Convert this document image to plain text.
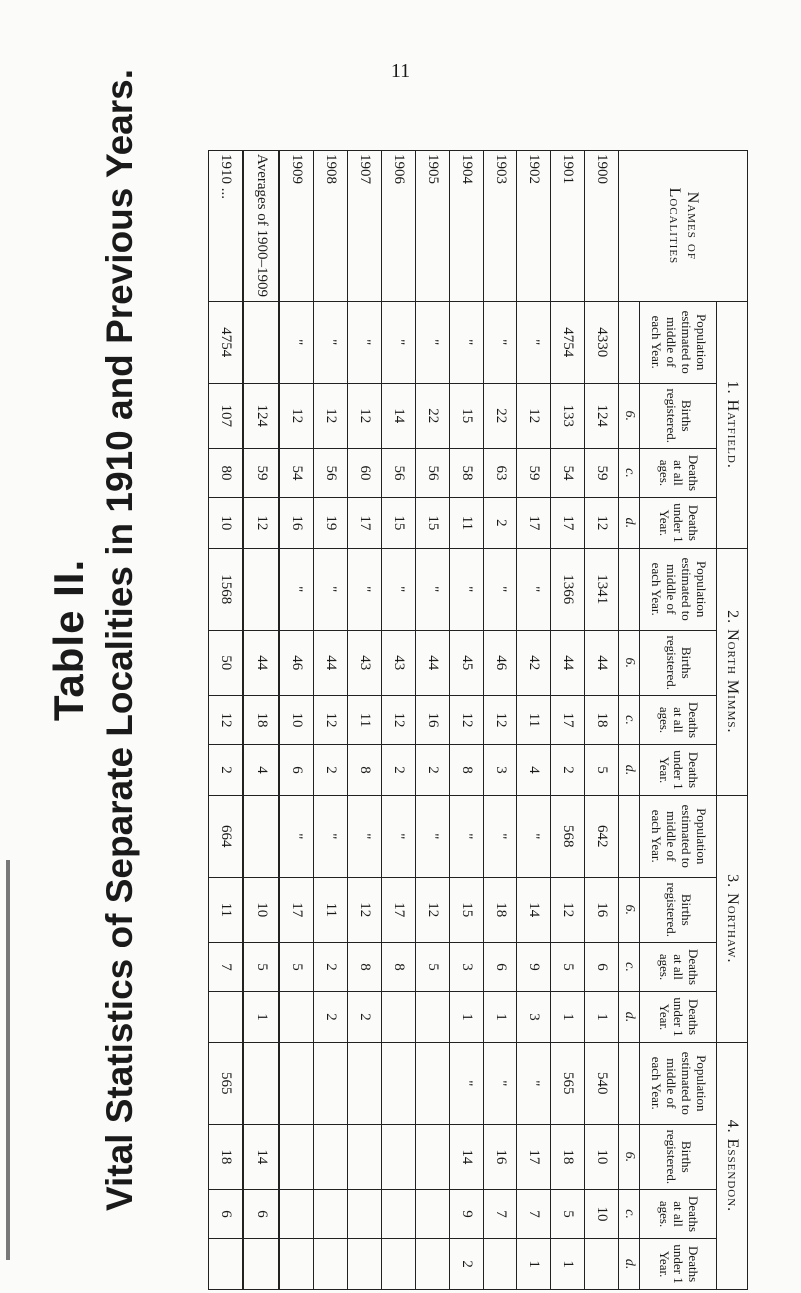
11
Table II. Vital Statistics of Separate Localities in 1910 and Previous Years.	Names of Localities	1. Hatfield.				2. North Mimms.				3. Northaw.				4. Essendon.			
	Population estimated to middle of each Year.	Births registered.	Deaths at all ages.	Deaths under 1 Year.	Population estimated to middle of each Year.	Births registered.	Deaths at all ages.	Deaths under 1 Year.	Population estimated to middle of each Year.	Births registered.	Deaths at all ages.	Deaths under 1 Year.	Population estimated to middle of each Year.	Births registered.	Deaths at all ages.	Deaths under 1 Year.
		6.	c.	d.		6.	c.	d.		6.	c.	d.		6.	c.	d.
1900	4330	124	59	12	1341	44	18	5	642	16	6	1	540	10	10	
1901	4754	133	54	17	1366	44	17	2	568	12	5	1	565	18	5	1
1902	"	12	59	17	"	42	11	4	"	14	9	3	"	17	7	1
1903	"	22	63	2	"	46	12	3	"	18	6	1	"	16	7	
1904	"	15	58	11	"	45	12	8	"	15	3	1	"	14	9	2
1905	"	22	56	15	"	44	16	2	"	12	5					
1906	"	14	56	15	"	43	12	2	"	17	8					
1907	"	12	60	17	"	43	11	8	"	12	8	2				
1908	"	12	56	19	"	44	12	2	"	11	2	2				
1909	"	12	54	16	"	46	10	6	"	17	5					
Averages of 1900–1909		124	59	12		44	18	4		10	5	1		14	6	
1910 ...	4754	107	80	10	1568	50	12	2	664	11	7		565	18	6	
